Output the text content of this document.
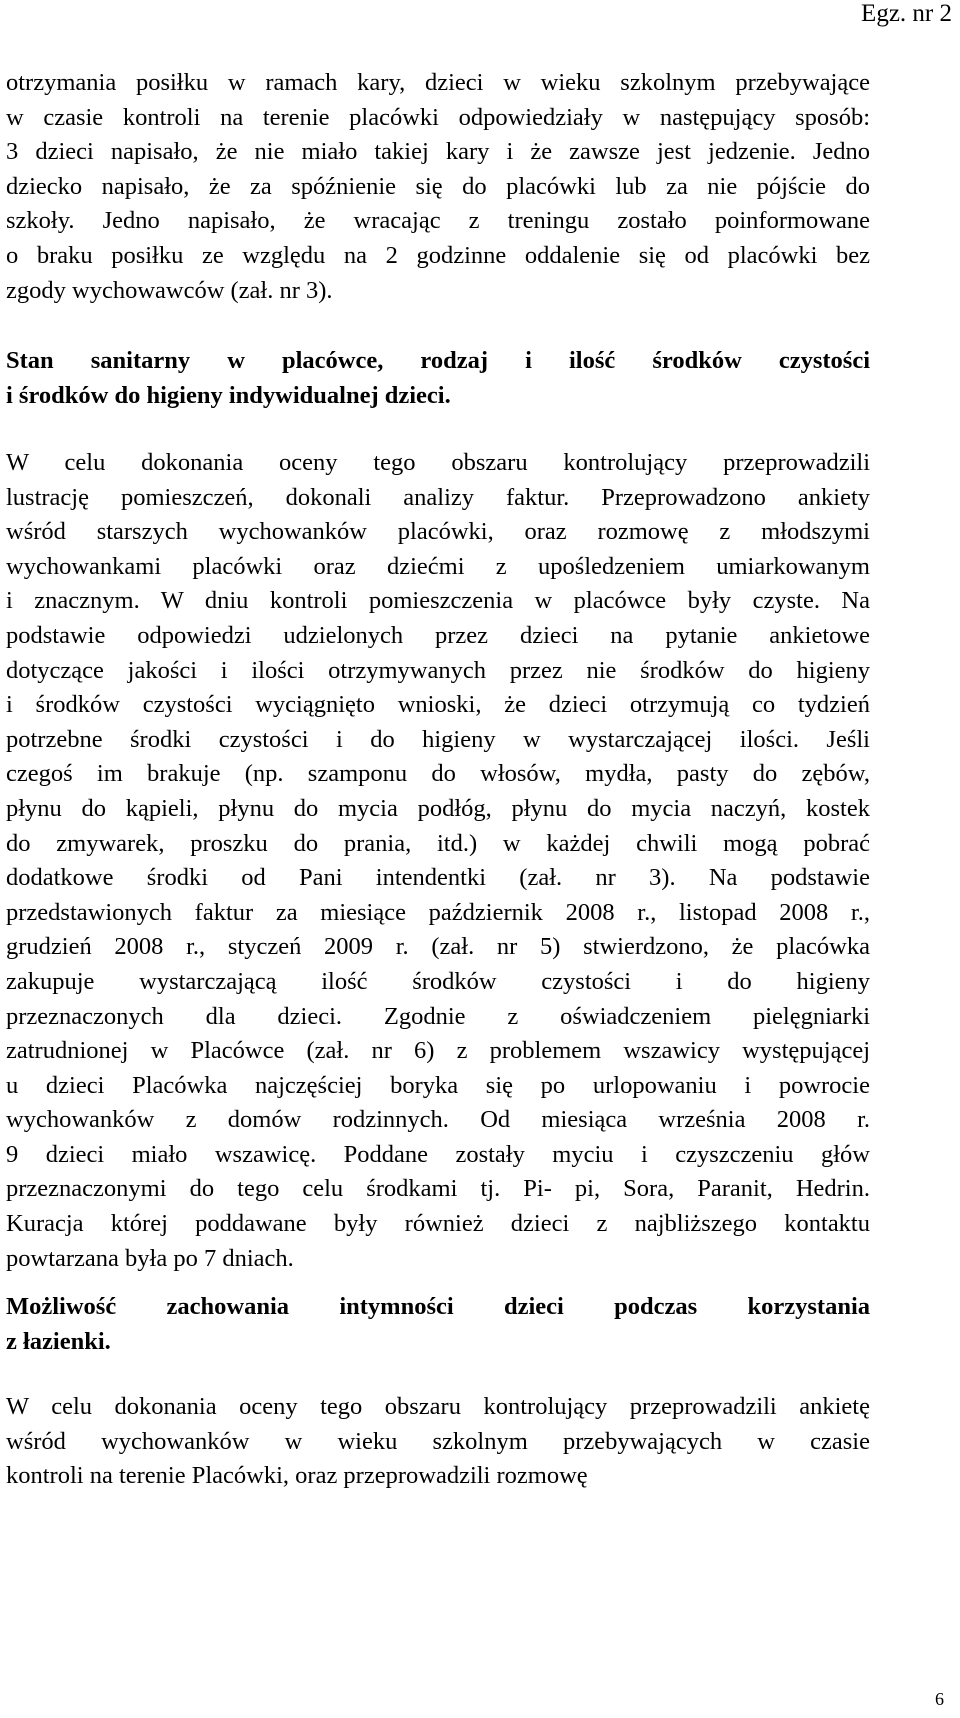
Egz. nr 2
otrzymania posiłku w ramach kary, dzieci w wieku szkolnym przebywające
w czasie kontroli na terenie placówki odpowiedziały w następujący sposób:
3 dzieci napisało, że nie miało takiej kary i że zawsze jest jedzenie. Jedno
dziecko napisało, że za spóźnienie się do placówki lub za nie pójście do
szkoły. Jedno napisało, że wracając z treningu zostało poinformowane
o braku posiłku ze względu na 2 godzinne oddalenie się od placówki bez
zgody wychowawców (zał. nr 3).
Stan sanitarny w placówce, rodzaj i ilość środków czystości
i środków do higieny indywidualnej dzieci.
W celu dokonania oceny tego obszaru kontrolujący przeprowadzili
lustrację pomieszczeń, dokonali analizy faktur. Przeprowadzono ankiety
wśród starszych wychowanków placówki, oraz rozmowę z młodszymi
wychowankami placówki oraz dziećmi z upośledzeniem umiarkowanym
i znacznym. W dniu kontroli pomieszczenia w placówce były czyste. Na
podstawie odpowiedzi udzielonych przez dzieci na pytanie ankietowe
dotyczące jakości i ilości otrzymywanych przez nie środków do higieny
i środków czystości wyciągnięto wnioski, że dzieci otrzymują co tydzień
potrzebne środki czystości i do higieny w wystarczającej ilości. Jeśli
czegoś im brakuje (np. szamponu do włosów, mydła, pasty do zębów,
płynu do kąpieli, płynu do mycia podłóg, płynu do mycia naczyń, kostek
do zmywarek, proszku do prania, itd.) w każdej chwili mogą pobrać
dodatkowe środki od Pani intendentki (zał. nr 3). Na podstawie
przedstawionych faktur za miesiące październik 2008 r., listopad 2008 r.,
grudzień 2008 r., styczeń 2009 r. (zał. nr 5) stwierdzono, że placówka
zakupuje wystarczającą ilość środków czystości i do higieny
przeznaczonych dla dzieci. Zgodnie z oświadczeniem pielęgniarki
zatrudnionej w Placówce (zał. nr 6) z problemem wszawicy występującej
u dzieci Placówka najczęściej boryka się po urlopowaniu i powrocie
wychowanków z domów rodzinnych. Od miesiąca września 2008 r.
9 dzieci miało wszawicę. Poddane zostały myciu i czyszczeniu głów
przeznaczonymi do tego celu środkami tj. Pi- pi, Sora, Paranit, Hedrin.
Kuracja której poddawane były również dzieci z najbliższego kontaktu
powtarzana była po 7 dniach.
Możliwość zachowania intymności dzieci podczas korzystania
z łazienki.
W celu dokonania oceny tego obszaru kontrolujący przeprowadzili ankietę
wśród wychowanków w wieku szkolnym przebywających w czasie
kontroli na terenie Placówki, oraz przeprowadzili rozmowę
6
